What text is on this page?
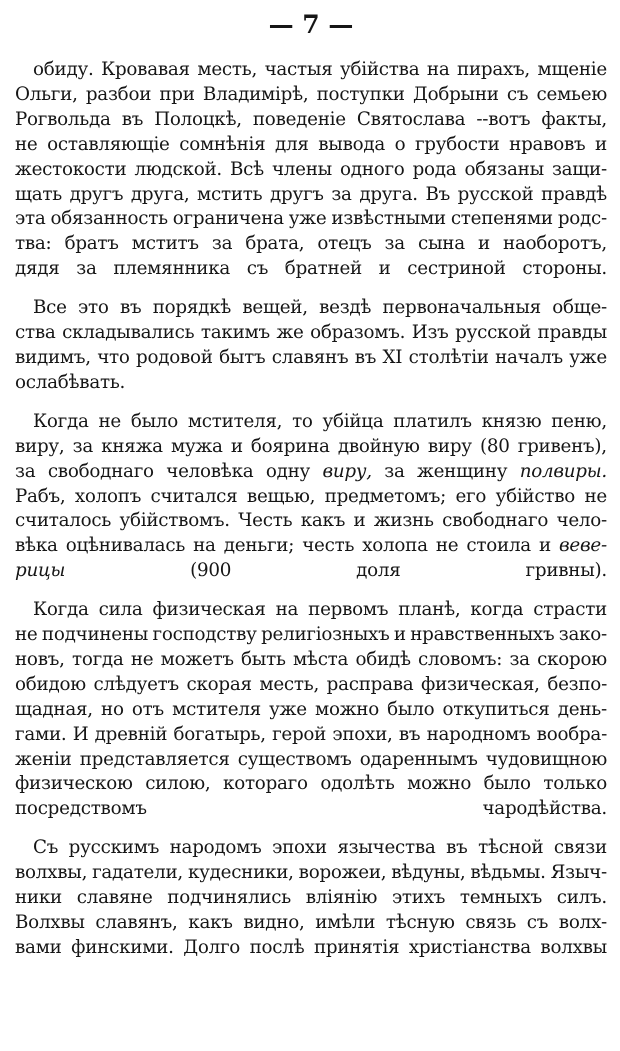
— 7 —
обиду. Кровавая месть, частыя убійства на пирахъ, мщеніе
Ольги, разбои при Владимірѣ, поступки Добрыни съ семьею
Рогвольда въ Полоцкѣ, поведеніе Святослава --вотъ факты,
не оставляющіе сомнѣнія для вывода о грубости нравовъ и
жестокости людской. Всѣ члены одного рода обязаны защи-
щать другъ друга, мстить другъ за друга. Въ русской правдѣ
эта обязанность ограничена уже извѣстными степенями родс-
тва: братъ мститъ за брата, отецъ за сына и наоборотъ,
дядя за племянника съ братней и сестриной стороны.
Все это въ порядкѣ вещей, вездѣ первоначальныя обще-
ства складывались такимъ же образомъ. Изъ русской правды
видимъ, что родовой бытъ славянъ въ XI столѣтіи началъ уже
ослабѣвать.
Когда не было мстителя, то убійца платилъ князю пеню,
виру, за княжа мужа и боярина двойную виру (80 гривенъ),
за свободнаго человѣка одну виру, за женщину полвиры.
Рабъ, холопъ считался вещью, предметомъ; его убійство не
считалось убійствомъ. Честь какъ и жизнь свободнаго чело-
вѣка оцѣнивалась на деньги; честь холопа не стоила и веве-
рицы (900 доля гривны).
Когда сила физическая на первомъ планѣ, когда страсти
не подчинены господству религіозныхъ и нравственныхъ зако-
новъ, тогда не можетъ быть мѣста обидѣ словомъ: за скорою
обидою слѣдуетъ скорая месть, расправа физическая, безпо-
щадная, но отъ мстителя уже можно было откупиться день-
гами. И древній богатырь, герой эпохи, въ народномъ вообра-
женіи представляется существомъ одареннымъ чудовищною
физическою силою, котораго одолѣть можно было только
посредствомъ чародѣйства.
Съ русскимъ народомъ эпохи язычества въ тѣсной связи
волхвы, гадатели, кудесники, ворожеи, вѣдуны, вѣдьмы. Языч-
ники славяне подчинялись вліянію этихъ темныхъ силъ.
Волхвы славянъ, какъ видно, имѣли тѣсную связь съ волх-
вами финскими. Долго послѣ принятія христіанства волхвы
